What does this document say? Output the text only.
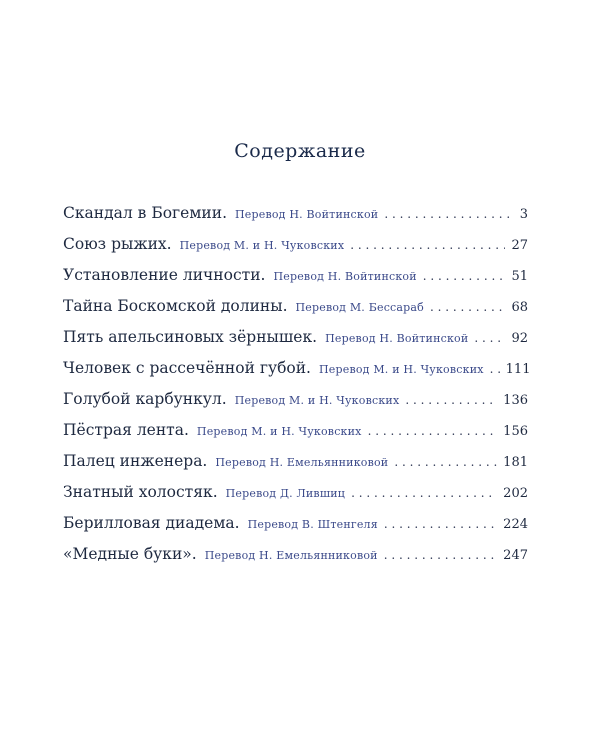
Содержание
Скандал в Богемии. Перевод Н. Войтинской . . .	3
Союз рыжих. Перевод М. и Н. Чуковских . . .	27
Установление личности. Перевод Н. Войтинской . . .	51
Тайна Боскомской долины. Перевод М. Бессараб . . .	68
Пять апельсиновых зёрнышек. Перевод Н. Войтинской . . .	92
Человек с рассечённой губой. Перевод М. и Н. Чуковских . . . 111
Голубой карбункул. Перевод М. и Н. Чуковских . . .	136
Пёстрая лента. Перевод М. и Н. Чуковских . . .	156
Палец инженера. Перевод Н. Емельянниковой . . .	181
Знатный холостяк. Перевод Д. Лившиц . . .	202
Берилловая диадема. Перевод В. Штенгеля . . .	224
«Медные буки». Перевод Н. Емельянниковой . . .	247
